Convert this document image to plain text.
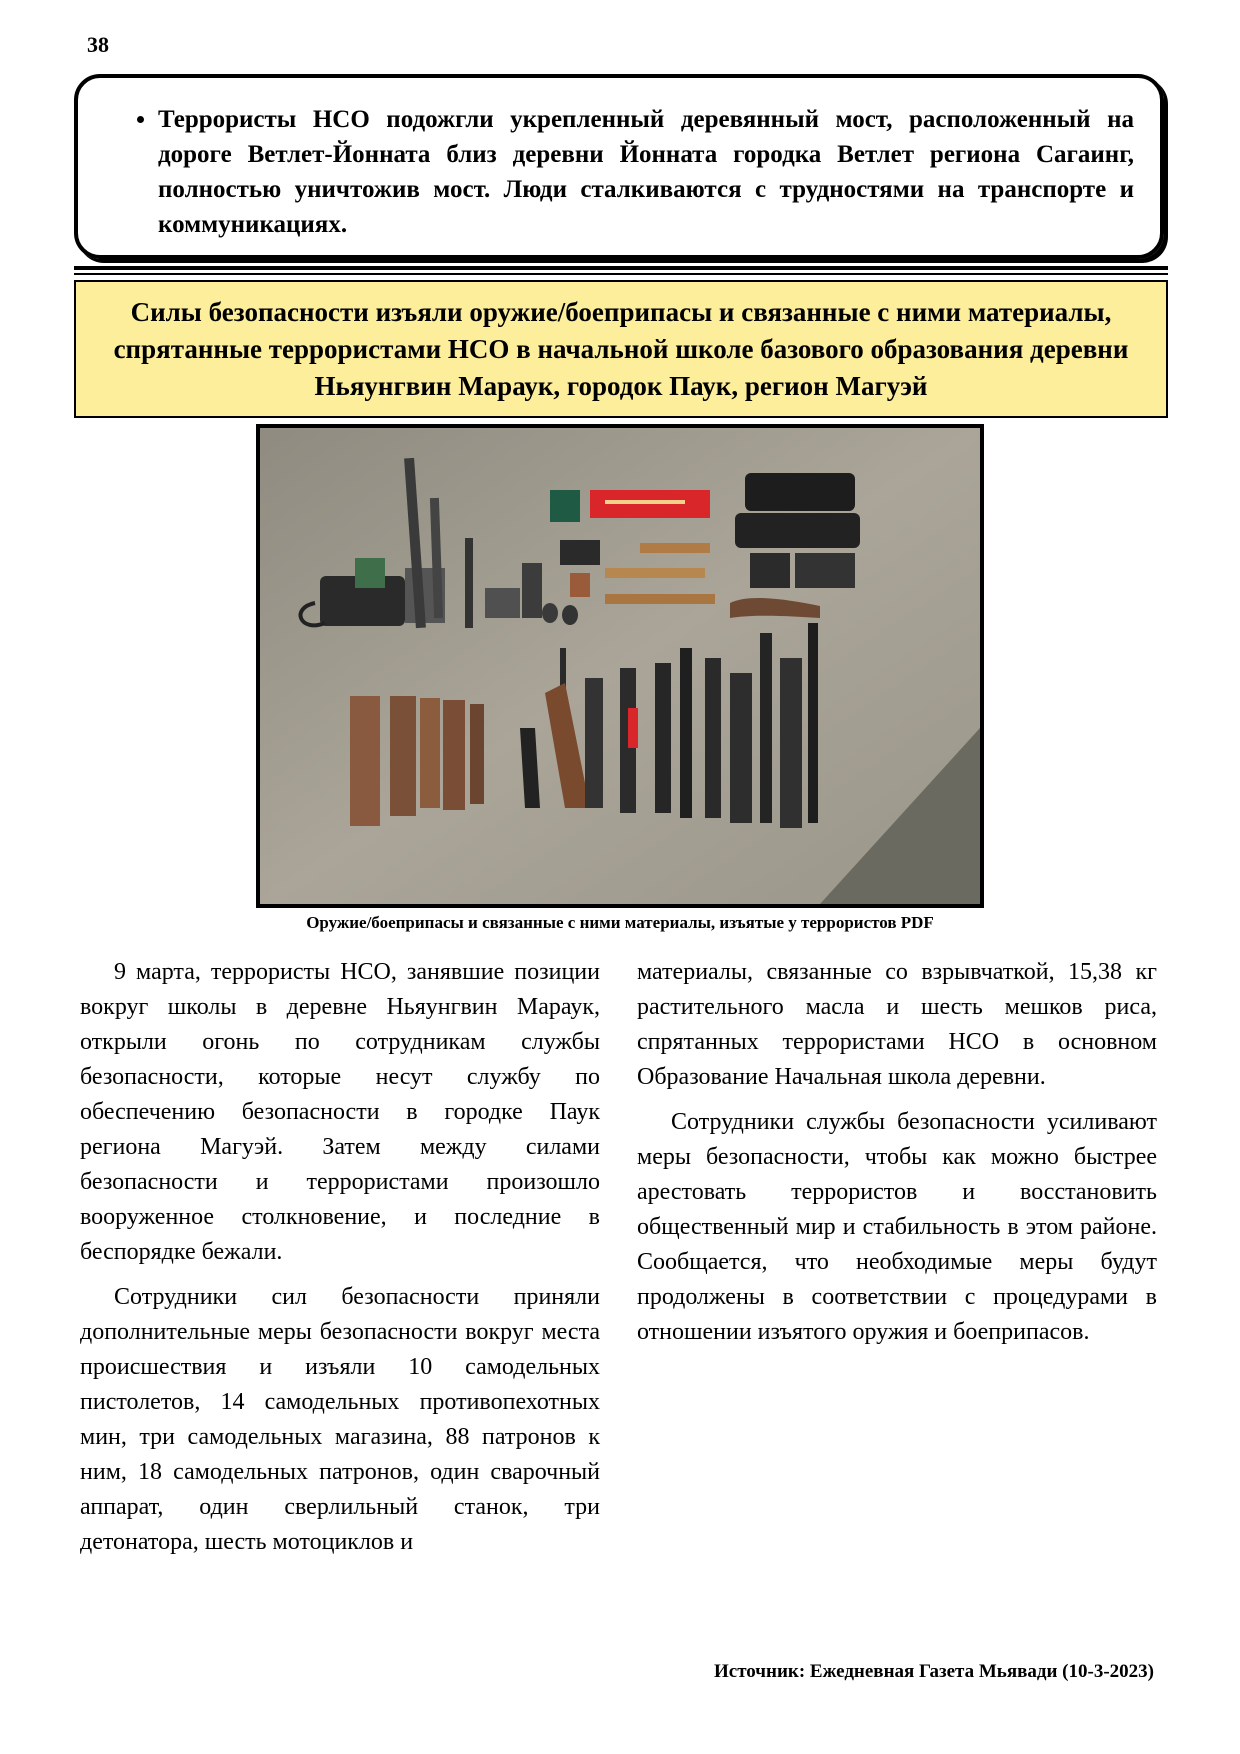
38
• Террористы НСО подожгли укрепленный деревянный мост, расположенный на дороге Ветлет-Йонната близ деревни Йонната городка Ветлет региона Сагаинг, полностью уничтожив мост. Люди сталкиваются с трудностями на транспорте и коммуникациях.
Силы безопасности изъяли оружие/боеприпасы и связанные с ними материалы, спрятанные террористами НСО в начальной школе базового образования деревни Ньяунгвин Мараук, городок Паук, регион Магуэй
Оружие/боеприпасы и связанные с ними материалы, изъятые у террористов PDF

9 марта, террористы НСО, занявшие позиции вокруг школы в деревне Ньяунгвин Мараук, открыли огонь по сотрудникам службы безопасности, которые несут службу по обеспечению безопасности в городке Паук региона Магуэй. Затем между силами безопасности и террористами произошло вооруженное столкновение, и последние в беспорядке бежали.

Сотрудники сил безопасности приняли дополнительные меры безопасности вокруг места происшествия и изъяли 10 самодельных пистолетов, 14 самодельных противопехотных мин, три самодельных магазина, 88 патронов к ним, 18 самодельных патронов, один сварочный аппарат, один сверлильный станок, три детонатора, шесть мотоциклов и

материалы, связанные со взрывчаткой, 15,38 кг растительного масла и шесть мешков риса, спрятанных террористами НСО в основном Образование Начальная школа деревни.

Сотрудники службы безопасности усиливают меры безопасности, чтобы как можно быстрее арестовать террористов и восстановить общественный мир и стабильность в этом районе. Сообщается, что необходимые меры будут продолжены в соответствии с процедурами в отношении изъятого оружия и боеприпасов.

Источник: Ежедневная Газета Мьявади (10-3-2023)
